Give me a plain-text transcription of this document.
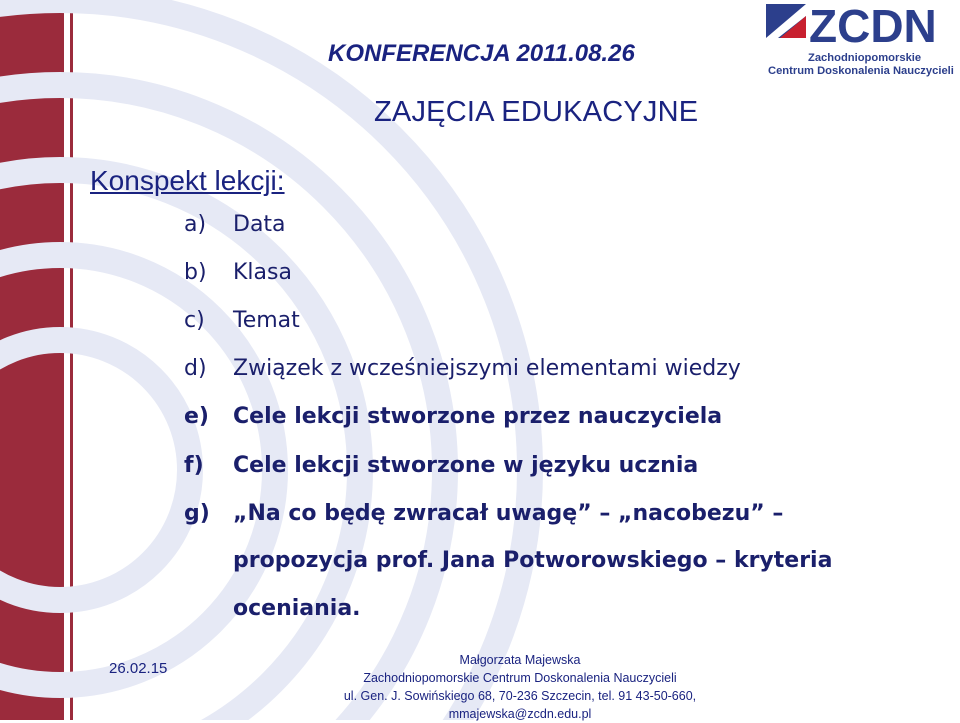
KONFERENCJA 2011.08.26
ZCDN
Zachodniopomorskie
Centrum Doskonalenia Nauczycieli
ZAJĘCIA EDUKACYJNE
Konspekt lekcji:
a)	Data
b)	Klasa
c)	Temat
d)	Związek z wcześniejszymi elementami wiedzy
e)	Cele lekcji stworzone przez nauczyciela
f)	Cele lekcji stworzone w języku ucznia
g)	„Na co będę zwracał uwagę” – „nacobezu” –
propozycja prof. Jana Potworowskiego – kryteria
oceniania.
26.02.15	Małgorzata Majewska
Zachodniopomorskie Centrum Doskonalenia Nauczycieli
ul. Gen. J. Sowińskiego 68, 70-236 Szczecin, tel. 91 43-50-660,
mmajewska@zcdn.edu.pl
